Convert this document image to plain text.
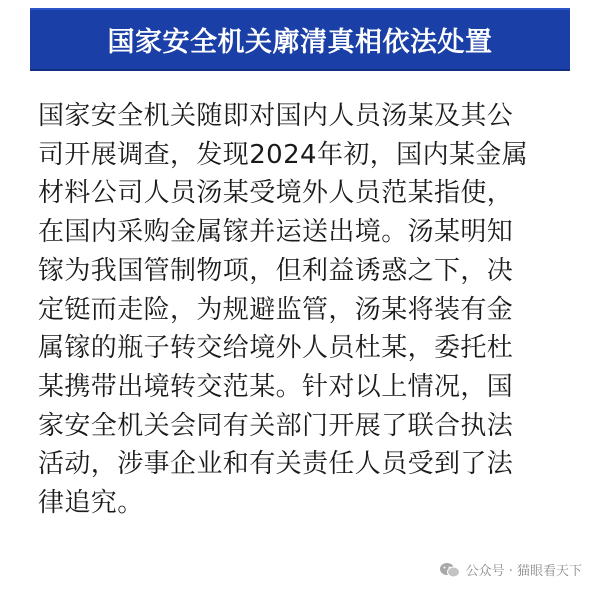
国家安全机关廓清真相依法处置
国家安全机关随即对国内人员汤某及其公
司开展调查，发现2024年初，国内某金属
材料公司人员汤某受境外人员范某指使，
在国内采购金属镓并运送出境。汤某明知
镓为我国管制物项，但利益诱惑之下，决
定铤而走险，为规避监管，汤某将装有金
属镓的瓶子转交给境外人员杜某，委托杜
某携带出境转交范某。针对以上情况，国
家安全机关会同有关部门开展了联合执法
活动，涉事企业和有关责任人员受到了法
律追究。
公众号 · 猫眼看天下
